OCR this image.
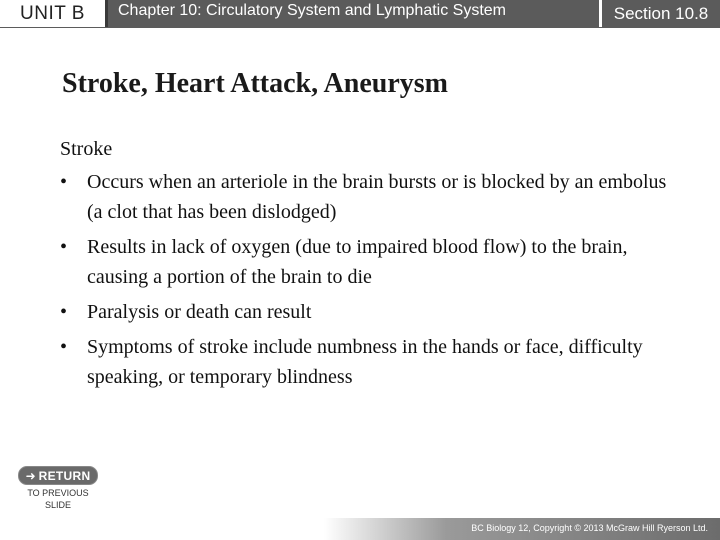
UNIT B Chapter 10: Circulatory System and Lymphatic System	Section 10.8
Stroke, Heart Attack, Aneurysm
Stroke
• Occurs when an arteriole in the brain bursts or is blocked by an embolus (a clot that has been dislodged)
• Results in lack of oxygen (due to impaired blood flow) to the brain, causing a portion of the brain to die
• Paralysis or death can result
• Symptoms of stroke include numbness in the hands or face, difficulty speaking, or temporary blindness
➜ RETURN
TO PREVIOUS
SLIDE
BC Biology 12, Copyright © 2013 McGraw Hill Ryerson Ltd.
